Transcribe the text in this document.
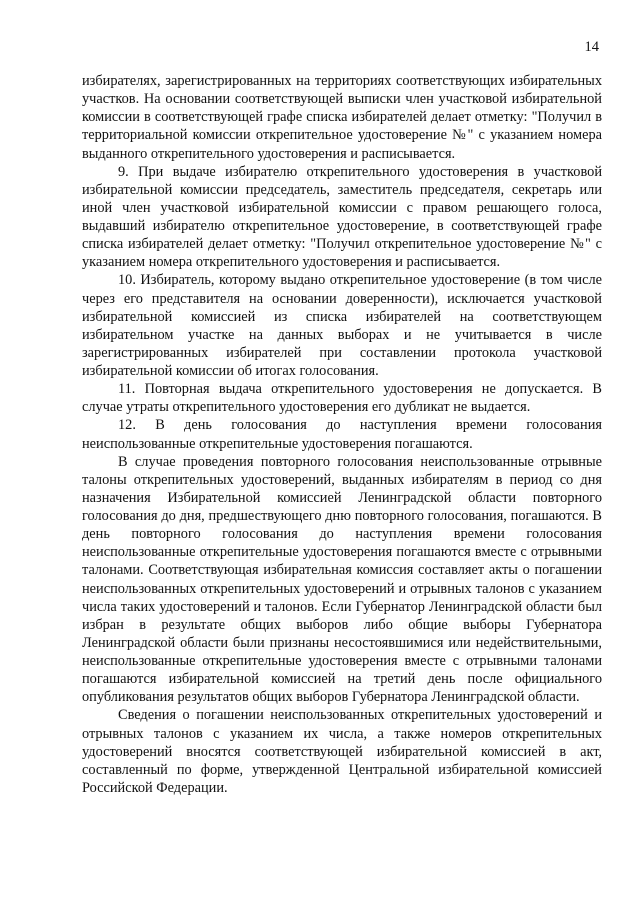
14

избирателях, зарегистрированных на территориях соответствующих избирательных участков. На основании соответствующей выписки член участковой избирательной комиссии в соответствующей графе списка избирателей делает отметку: "Получил в территориальной комиссии открепительное удостоверение №" с указанием номера выданного открепительного удостоверения и расписывается.

9. При выдаче избирателю открепительного удостоверения в участковой избирательной комиссии председатель, заместитель председателя, секретарь или иной член участковой избирательной комиссии с правом решающего голоса, выдавший избирателю открепительное удостоверение, в соответствующей графе списка избирателей делает отметку: "Получил открепительное удостоверение №" с указанием номера открепительного удостоверения и расписывается.

10. Избиратель, которому выдано открепительное удостоверение (в том числе через его представителя на основании доверенности), исключается участковой избирательной комиссией из списка избирателей на соответствующем избирательном участке на данных выборах и не учитывается в числе зарегистрированных избирателей при составлении протокола участковой избирательной комиссии об итогах голосования.

11. Повторная выдача открепительного удостоверения не допускается. В случае утраты открепительного удостоверения его дубликат не выдается.

12. В день голосования до наступления времени голосования неиспользованные открепительные удостоверения погашаются.

В случае проведения повторного голосования неиспользованные отрывные талоны открепительных удостоверений, выданных избирателям в период со дня назначения Избирательной комиссией Ленинградской области повторного голосования до дня, предшествующего дню повторного голосования, погашаются. В день повторного голосования до наступления времени голосования неиспользованные открепительные удостоверения погашаются вместе с отрывными талонами. Соответствующая избирательная комиссия составляет акты о погашении неиспользованных открепительных удостоверений и отрывных талонов с указанием числа таких удостоверений и талонов. Если Губернатор Ленинградской области был избран в результате общих выборов либо общие выборы Губернатора Ленинградской области были признаны несостоявшимися или недействительными, неиспользованные открепительные удостоверения вместе с отрывными талонами погашаются избирательной комиссией на третий день после официального опубликования результатов общих выборов Губернатора Ленинградской области.

Сведения о погашении неиспользованных открепительных удостоверений и отрывных талонов с указанием их числа, а также номеров открепительных удостоверений вносятся соответствующей избирательной комиссией в акт, составленный по форме, утвержденной Центральной избирательной комиссией Российской Федерации.
